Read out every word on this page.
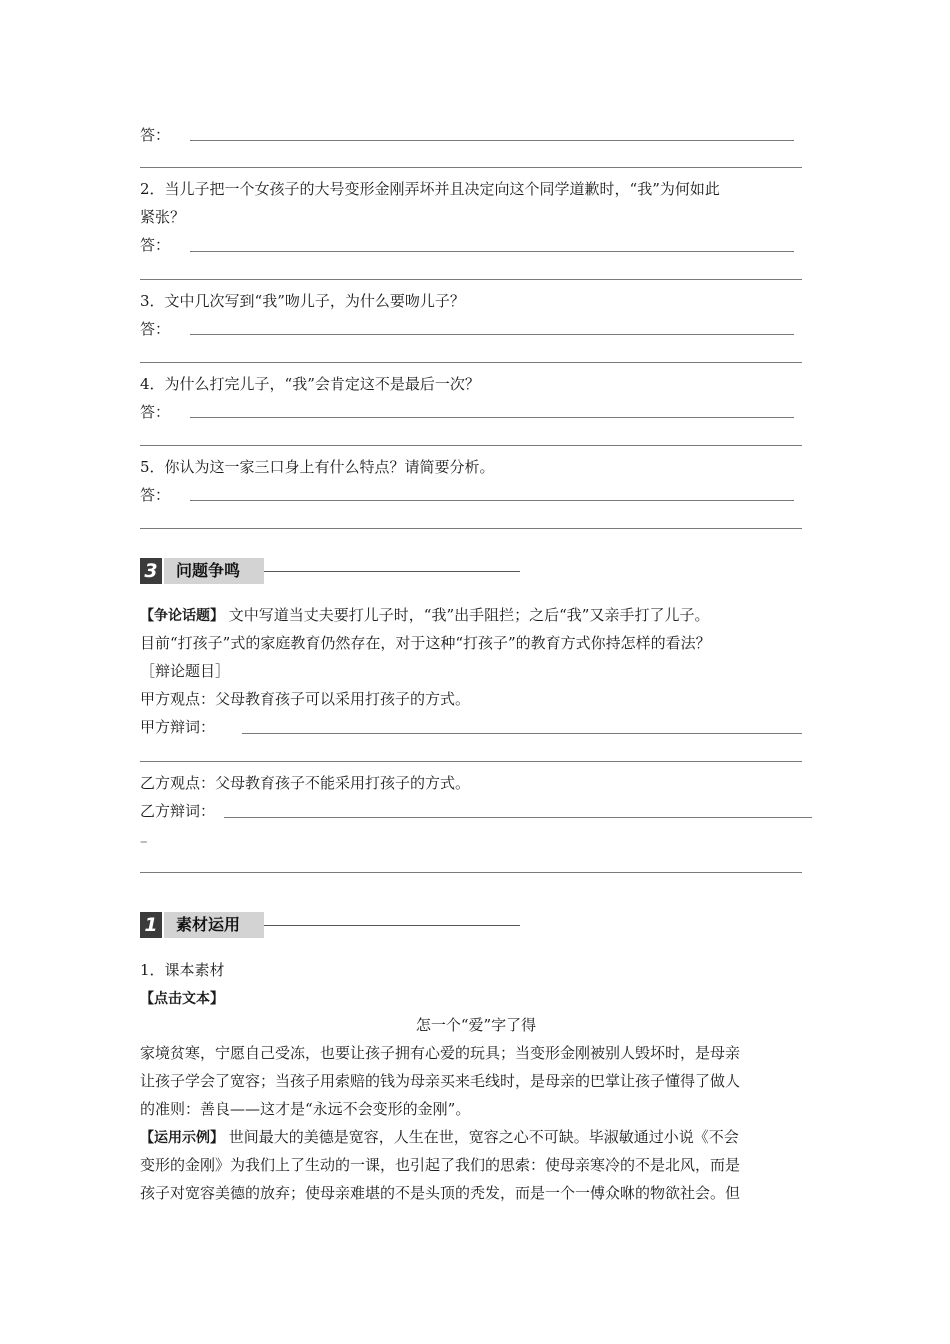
答：
2．当儿子把一个女孩子的大号变形金刚弄坏并且决定向这个同学道歉时，“我”为何如此
紧张？
答：
3．文中几次写到“我”吻儿子，为什么要吻儿子？
答：
4．为什么打完儿子，“我”会肯定这不是最后一次？
答：
5．你认为这一家三口身上有什么特点？请简要分析。
答：
3	问题争鸣
【争论话题】 文中写道当丈夫要打儿子时，“我”出手阻拦；之后“我”又亲手打了儿子。
目前“打孩子”式的家庭教育仍然存在，对于这种“打孩子”的教育方式你持怎样的看法？
［辩论题目］
甲方观点：父母教育孩子可以采用打孩子的方式。
甲方辩词：
乙方观点：父母教育孩子不能采用打孩子的方式。
乙方辩词：
–
1	素材运用
1．课本素材
【点击文本】
怎一个“爱”字了得
家境贫寒，宁愿自己受冻，也要让孩子拥有心爱的玩具；当变形金刚被别人毁坏时，是母亲
让孩子学会了宽容；当孩子用索赔的钱为母亲买来毛线时，是母亲的巴掌让孩子懂得了做人
的准则：善良——这才是“永远不会变形的金刚”。
【运用示例】 世间最大的美德是宽容，人生在世，宽容之心不可缺。毕淑敏通过小说《不会
变形的金刚》为我们上了生动的一课，也引起了我们的思索：使母亲寒冷的不是北风，而是
孩子对宽容美德的放弃；使母亲难堪的不是头顶的秃发，而是一个一傅众咻的物欲社会。但
